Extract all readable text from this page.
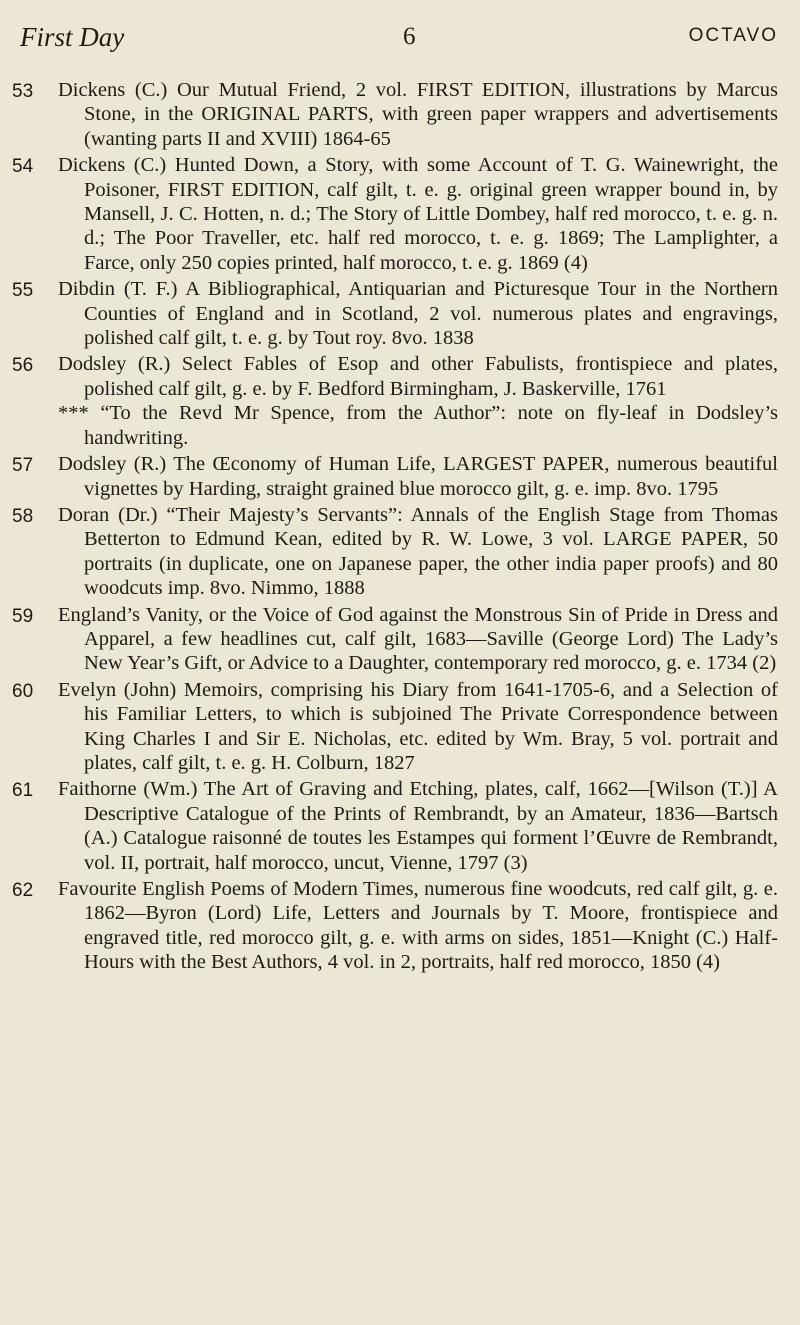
First Day	6	OCTAVO
53 Dickens (C.) Our Mutual Friend, 2 vol. FIRST EDITION, illustrations by Marcus Stone, in the ORIGINAL PARTS, with green paper wrappers and advertisements (wanting parts II and XVIII) 1864-65
54 Dickens (C.) Hunted Down, a Story, with some Account of T. G. Wainewright, the Poisoner, FIRST EDITION, calf gilt, t. e. g. original green wrapper bound in, by Mansell, J. C. Hotten, n. d.; The Story of Little Dombey, half red morocco, t. e. g. n. d.; The Poor Traveller, etc. half red morocco, t. e. g. 1869; The Lamplighter, a Farce, only 250 copies printed, half morocco, t. e. g. 1869 (4)
55 Dibdin (T. F.) A Bibliographical, Antiquarian and Picturesque Tour in the Northern Counties of England and in Scotland, 2 vol. numerous plates and engravings, polished calf gilt, t. e. g. by Tout roy. 8vo. 1838
56 Dodsley (R.) Select Fables of Esop and other Fabulists, frontispiece and plates, polished calf gilt, g. e. by F. Bedford Birmingham, J. Baskerville, 1761
*** “To the Revd Mr Spence, from the Author”: note on fly-leaf in Dodsley’s handwriting.
57 Dodsley (R.) The Œconomy of Human Life, LARGEST PAPER, numerous beautiful vignettes by Harding, straight grained blue morocco gilt, g. e. imp. 8vo. 1795
58 Doran (Dr.) “Their Majesty’s Servants”: Annals of the English Stage from Thomas Betterton to Edmund Kean, edited by R. W. Lowe, 3 vol. LARGE PAPER, 50 portraits (in duplicate, one on Japanese paper, the other india paper proofs) and 80 woodcuts imp. 8vo. Nimmo, 1888
59 England’s Vanity, or the Voice of God against the Monstrous Sin of Pride in Dress and Apparel, a few headlines cut, calf gilt, 1683—Saville (George Lord) The Lady’s New Year’s Gift, or Advice to a Daughter, contemporary red morocco, g. e. 1734 (2)
60 Evelyn (John) Memoirs, comprising his Diary from 1641-1705-6, and a Selection of his Familiar Letters, to which is subjoined The Private Correspondence between King Charles I and Sir E. Nicholas, etc. edited by Wm. Bray, 5 vol. portrait and plates, calf gilt, t. e. g. H. Colburn, 1827
61 Faithorne (Wm.) The Art of Graving and Etching, plates, calf, 1662—[Wilson (T.)] A Descriptive Catalogue of the Prints of Rembrandt, by an Amateur, 1836—Bartsch (A.) Catalogue raisonné de toutes les Estampes qui forment l’Œuvre de Rembrandt, vol. II, portrait, half morocco, uncut, Vienne, 1797 (3)
62 Favourite English Poems of Modern Times, numerous fine woodcuts, red calf gilt, g. e. 1862—Byron (Lord) Life, Letters and Journals by T. Moore, frontispiece and engraved title, red morocco gilt, g. e. with arms on sides, 1851—Knight (C.) Half-Hours with the Best Authors, 4 vol. in 2, portraits, half red morocco, 1850 (4)
